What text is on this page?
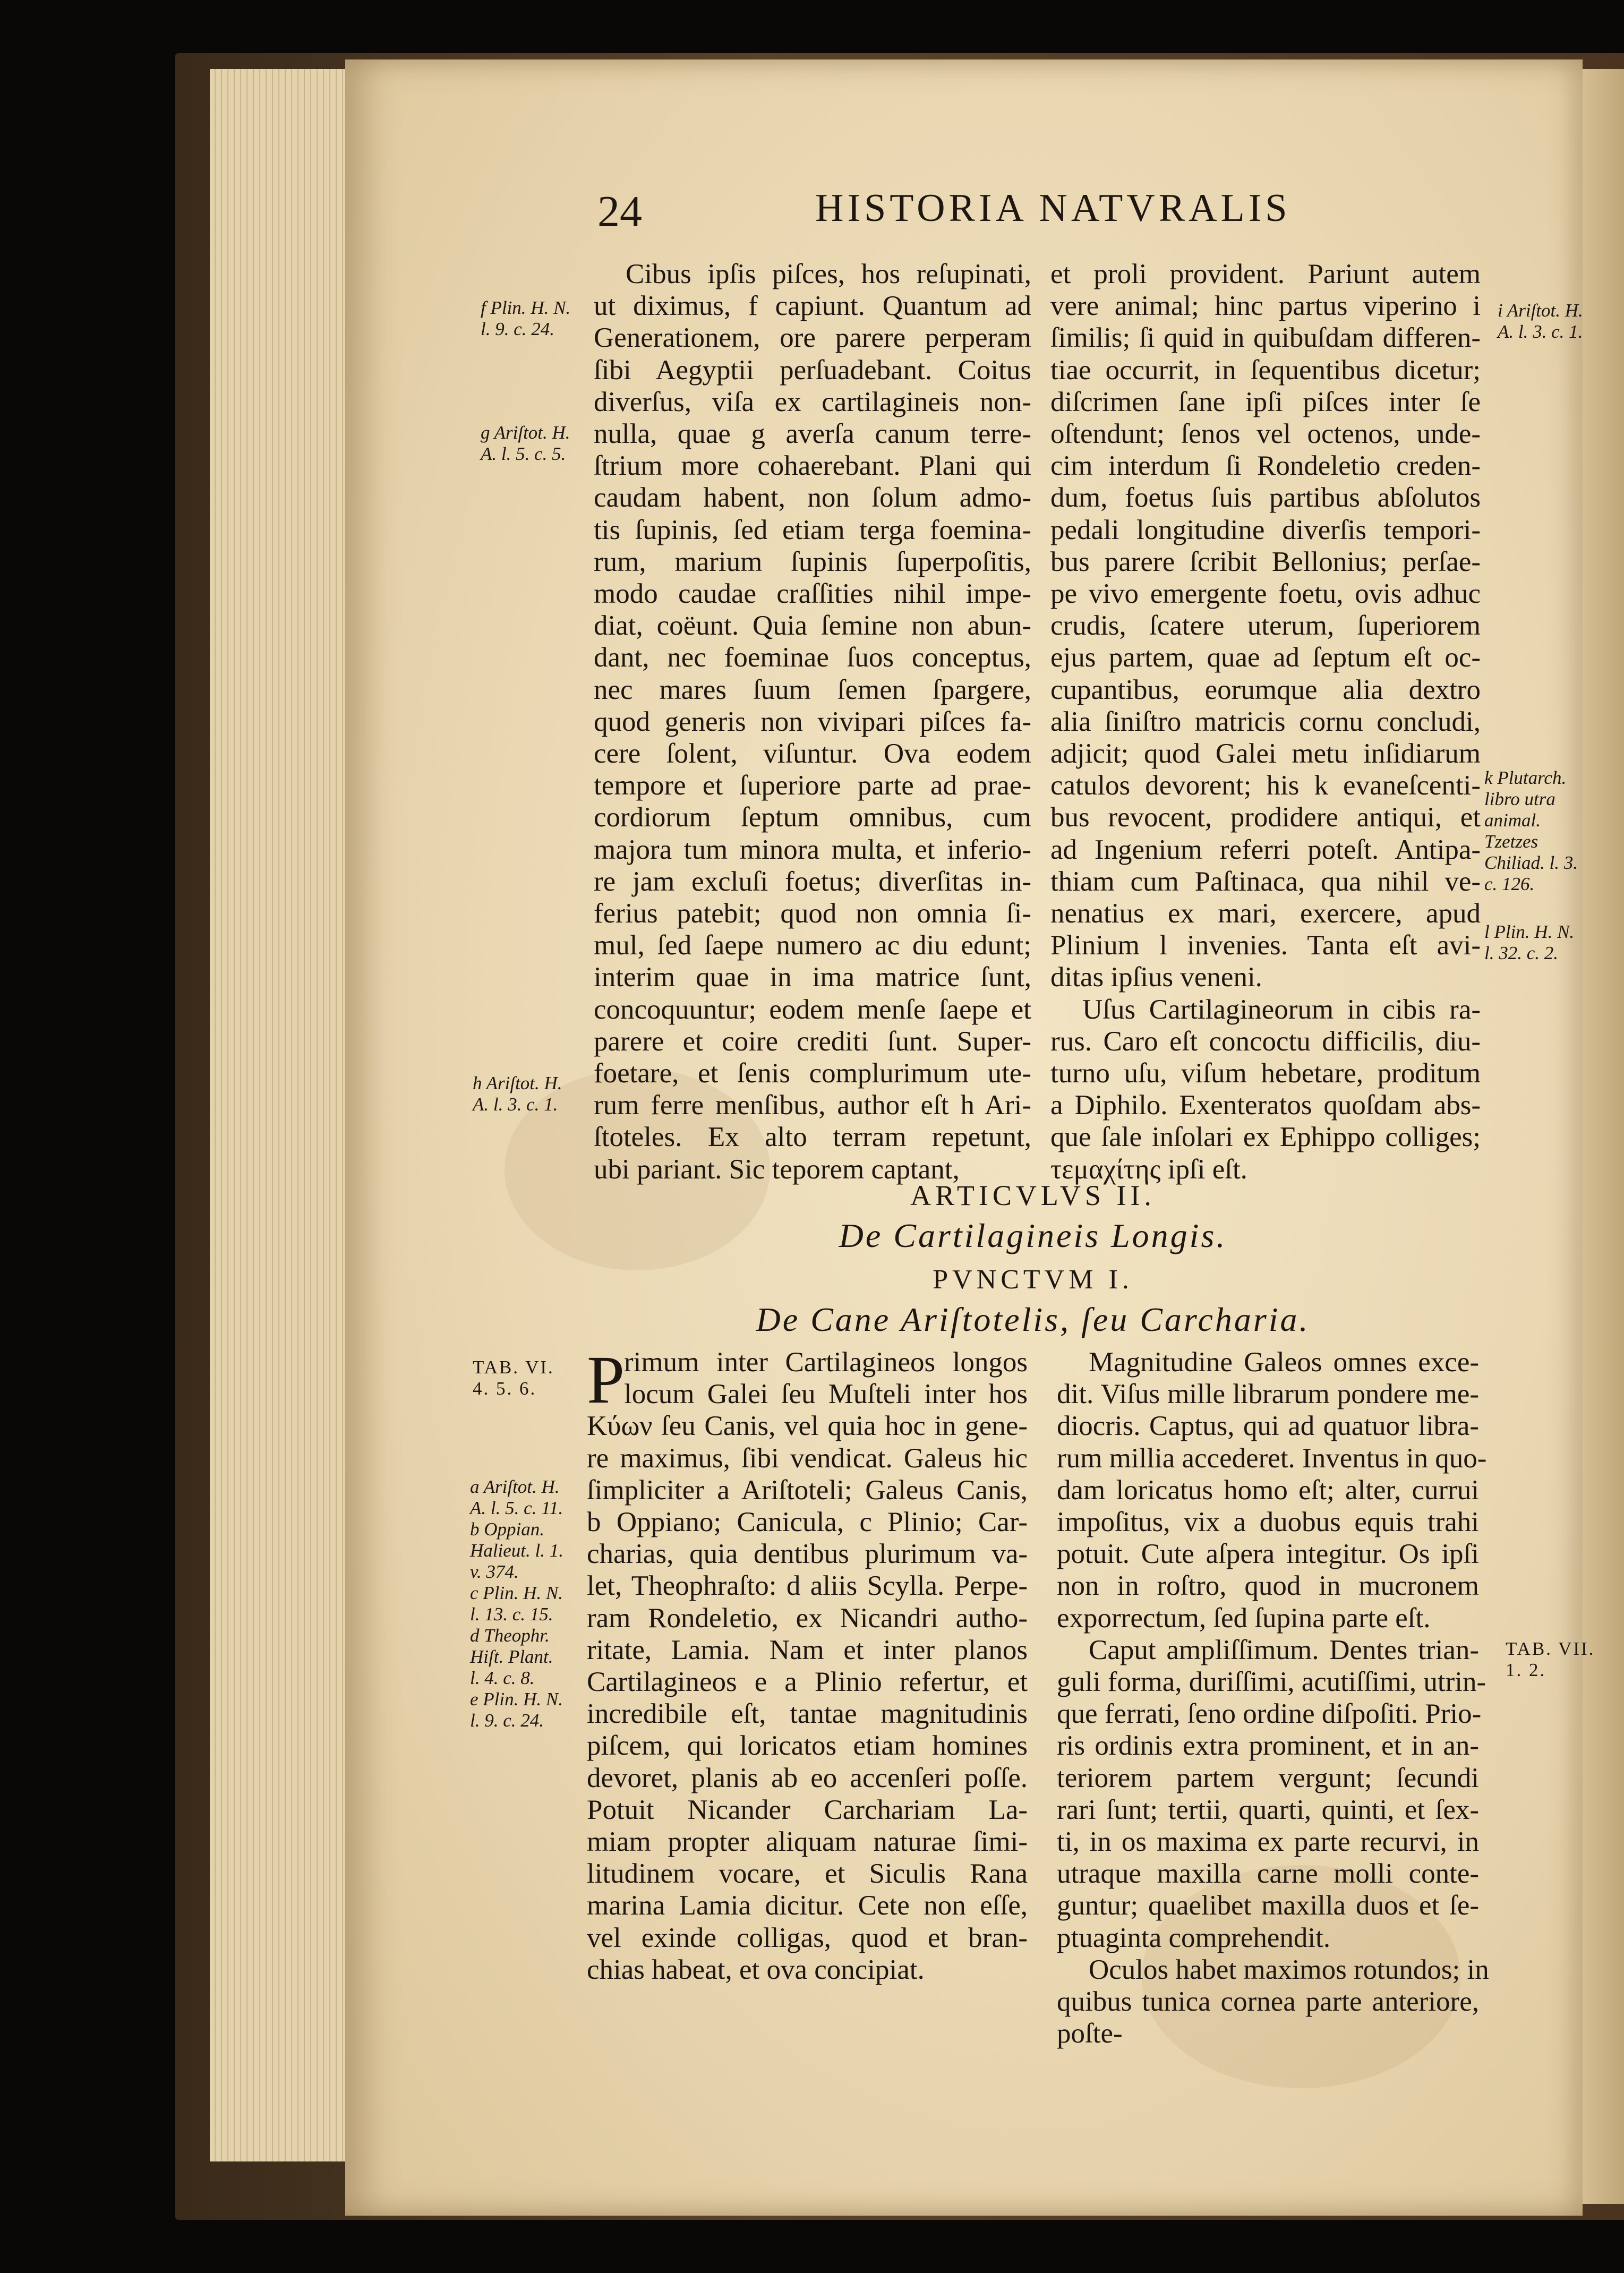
24	HISTORIA NATVRALIS

Cibus ipſis piſces, hos reſupinati,

ut diximus, f capiunt. Quantum ad

Generationem, ore parere perperam

ſibi Aegyptii perſuadebant. Coitus

diverſus, viſa ex cartilagineis non-

nulla, quae g averſa canum terre-

ſtrium more cohaerebant. Plani qui

caudam habent, non ſolum admo-

tis ſupinis, ſed etiam terga foemina-

rum, marium ſupinis ſuperpoſitis,

modo caudae craſſities nihil impe-

diat, coëunt. Quia ſemine non abun-

dant, nec foeminae ſuos conceptus,

nec mares ſuum ſemen ſpargere,

quod generis non vivipari piſces fa-

cere ſolent, viſuntur. Ova eodem

tempore et ſuperiore parte ad prae-

cordiorum ſeptum omnibus, cum

majora tum minora multa, et inferio-

re jam excluſi foetus; diverſitas in-

ferius patebit; quod non omnia ſi-

mul, ſed ſaepe numero ac diu edunt;

interim quae in ima matrice ſunt,

concoquuntur; eodem menſe ſaepe et

parere et coire crediti ſunt. Super-

foetare, et ſenis complurimum ute-

rum ferre menſibus, author eſt h Ari-

ſtoteles. Ex alto terram repetunt,

ubi pariant. Sic teporem captant,

et proli provident. Pariunt autem

vere animal; hinc partus viperino i

ſimilis; ſi quid in quibuſdam differen-

tiae occurrit, in ſequentibus dicetur;

diſcrimen ſane ipſi piſces inter ſe

oſtendunt; ſenos vel octenos, unde-

cim interdum ſi Rondeletio creden-

dum, foetus ſuis partibus abſolutos

pedali longitudine diverſis tempori-

bus parere ſcribit Bellonius; perſae-

pe vivo emergente foetu, ovis adhuc

crudis, ſcatere uterum, ſuperiorem

ejus partem, quae ad ſeptum eſt oc-

cupantibus, eorumque alia dextro

alia ſiniſtro matricis cornu concludi,

adjicit; quod Galei metu inſidiarum

catulos devorent; his k evaneſcenti-

bus revocent, prodidere antiqui, et

ad Ingenium referri poteſt. Antipa-

thiam cum Paſtinaca, qua nihil ve-

nenatius ex mari, exercere, apud

Plinium l invenies. Tanta eſt avi-

ditas ipſius veneni.

Uſus Cartilagineorum in cibis ra-

rus. Caro eſt concoctu difficilis, diu-

turno uſu, viſum hebetare, proditum

a Diphilo. Exenteratos quoſdam abs-

que ſale inſolari ex Ephippo colliges;

τεμαχίτης ipſi eſt.

ARTICVLVS II.
De Cartilagineis Longis.
PVNCTVM I.
De Cane Ariſtotelis, ſeu Carcharia.
P

rimum inter Cartilagineos longos

locum Galei ſeu Muſteli inter hos

Κύων ſeu Canis, vel quia hoc in gene-

re maximus, ſibi vendicat. Galeus hic

ſimpliciter a Ariſtoteli; Galeus Canis,

b Oppiano; Canicula, c Plinio; Car-

charias, quia dentibus plurimum va-

let, Theophraſto: d aliis Scylla. Perpe-

ram Rondeletio, ex Nicandri autho-

ritate, Lamia. Nam et inter planos

Cartilagineos e a Plinio refertur, et

incredibile eſt, tantae magnitudinis

piſcem, qui loricatos etiam homines

devoret, planis ab eo accenſeri poſſe.

Potuit Nicander Carchariam La-

miam propter aliquam naturae ſimi-

litudinem vocare, et Siculis Rana

marina Lamia dicitur. Cete non eſſe,

vel exinde colligas, quod et bran-

chias habeat, et ova concipiat.

Magnitudine Galeos omnes exce-

dit. Viſus mille librarum pondere me-

diocris. Captus, qui ad quatuor libra-

rum millia accederet. Inventus in quo-

dam loricatus homo eſt; alter, currui

impoſitus, vix a duobus equis trahi

potuit. Cute aſpera integitur. Os ipſi

non in roſtro, quod in mucronem

exporrectum, ſed ſupina parte eſt.

Caput ampliſſimum. Dentes trian-

guli forma, duriſſimi, acutiſſimi, utrin-

que ferrati, ſeno ordine diſpoſiti. Prio-

ris ordinis extra prominent, et in an-

teriorem partem vergunt; ſecundi

rari ſunt; tertii, quarti, quinti, et ſex-

ti, in os maxima ex parte recurvi, in

utraque maxilla carne molli conte-

guntur; quaelibet maxilla duos et ſe-

ptuaginta comprehendit.

Oculos habet maximos rotundos; in

quibus tunica cornea parte anteriore,

poſte-

f Plin. H. N.
l. 9. c. 24.
g Ariſtot. H.
A. l. 5. c. 5.
h Ariſtot. H.
A. l. 3. c. 1.
TAB. VI.
4. 5. 6.
a Ariſtot. H.
A. l. 5. c. 11.
b Oppian.
Halieut. l. 1.
v. 374.
c Plin. H. N.
l. 13. c. 15.
d Theophr.
Hiſt. Plant.
l. 4. c. 8.
e Plin. H. N.
l. 9. c. 24.
i Ariſtot. H.
A. l. 3. c. 1.
k Plutarch.
libro utra
animal.
Tzetzes
Chiliad. l. 3.
c. 126.
l Plin. H. N.
l. 32. c. 2.
TAB. VII.
1. 2.
